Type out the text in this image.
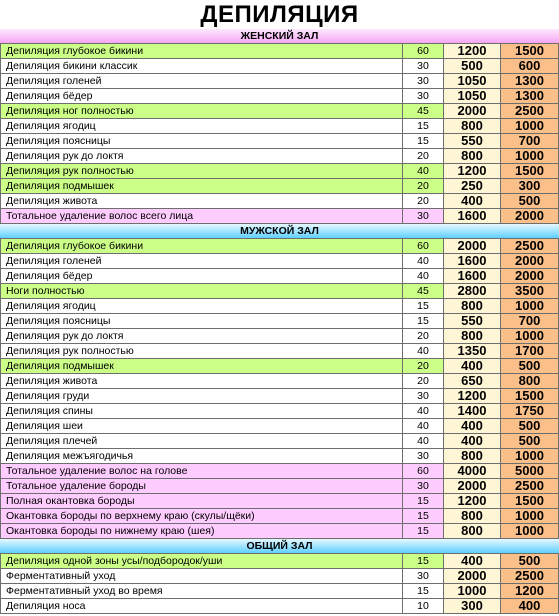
ДЕПИЛЯЦИЯ
ЖЕНСКИЙ ЗАЛ
Депиляция глубокое бикини	60	1200	1500
Депиляция бикини классик	30	500	600
Депиляция голеней	30	1050	1300
Депиляция бёдер	30	1050	1300
Депиляция ног полностью	45	2000	2500
Депиляция ягодиц	15	800	1000
Депиляция поясницы	15	550	700
Депиляция рук до локтя	20	800	1000
Депиляция рук полностью	40	1200	1500
Депиляция подмышек	20	250	300
Депиляция живота	20	400	500
Тотальное удаление волос всего лица	30	1600	2000
МУЖСКОЙ ЗАЛ
Депиляция глубокое бикини	60	2000	2500
Депиляция голеней	40	1600	2000
Депиляция бёдер	40	1600	2000
Ноги полностью	45	2800	3500
Депиляция ягодиц	15	800	1000
Депиляция поясницы	15	550	700
Депиляция рук до локтя	20	800	1000
Депиляция рук полностью	40	1350	1700
Депиляция подмышек	20	400	500
Депиляция живота	20	650	800
Депиляция груди	30	1200	1500
Депиляция спины	40	1400	1750
Депиляция шеи	40	400	500
Депиляция плечей	40	400	500
Депиляция межъягодичья	30	800	1000
Тотальное удаление волос на голове	60	4000	5000
Тотальное удаление бороды	30	2000	2500
Полная окантовка бороды	15	1200	1500
Окантовка бороды по верхнему краю (скулы/щёки)	15	800	1000
Окантовка бороды по нижнему краю (шея)	15	800	1000
ОБЩИЙ ЗАЛ
Депиляция одной зоны усы/подбородок/уши	15	400	500
Ферментативный уход	30	2000	2500
Ферментативный уход во время	15	1000	1200
Депиляция носа	10	300	400
